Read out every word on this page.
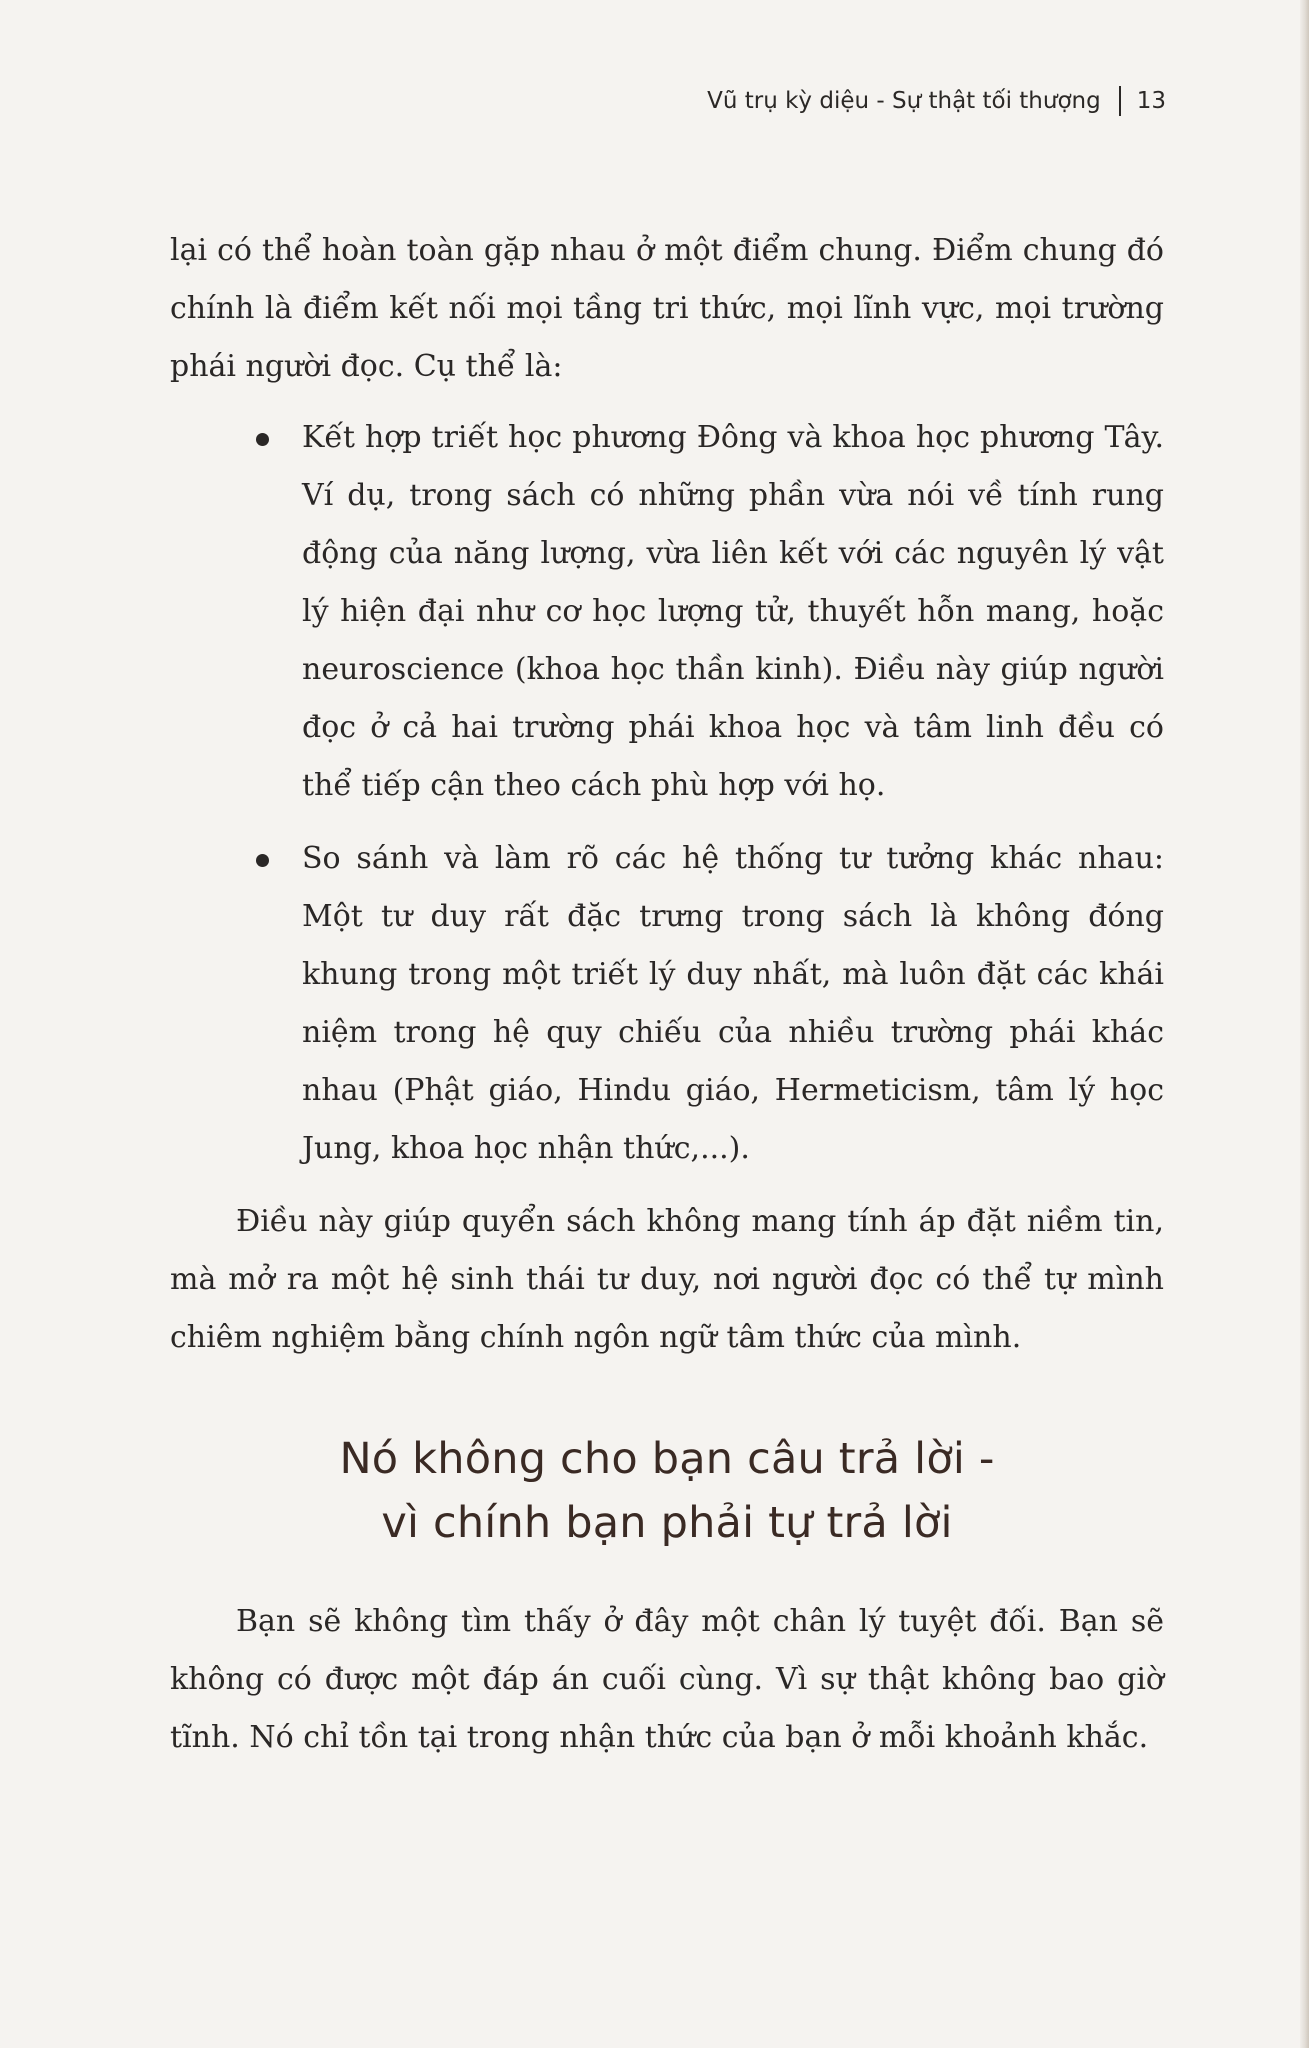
Vũ trụ kỳ diệu - Sự thật tối thượng 13

lại có thể hoàn toàn gặp nhau ở một điểm chung. Điểm chung đó chính là điểm kết nối mọi tầng tri thức, mọi lĩnh vực, mọi trường phái người đọc. Cụ thể là:

Kết hợp triết học phương Đông và khoa học phương Tây. Ví dụ, trong sách có những phần vừa nói về tính rung động của năng lượng, vừa liên kết với các nguyên lý vật lý hiện đại như cơ học lượng tử, thuyết hỗn mang, hoặc neuroscience (khoa học thần kinh). Điều này giúp người đọc ở cả hai trường phái khoa học và tâm linh đều có thể tiếp cận theo cách phù hợp với họ.
So sánh và làm rõ các hệ thống tư tưởng khác nhau: Một tư duy rất đặc trưng trong sách là không đóng khung trong một triết lý duy nhất, mà luôn đặt các khái niệm trong hệ quy chiếu của nhiều trường phái khác nhau (Phật giáo, Hindu giáo, Hermeticism, tâm lý học Jung, khoa học nhận thức,...).

Điều này giúp quyển sách không mang tính áp đặt niềm tin, mà mở ra một hệ sinh thái tư duy, nơi người đọc có thể tự mình chiêm nghiệm bằng chính ngôn ngữ tâm thức của mình.

Nó không cho bạn câu trả lời -
vì chính bạn phải tự trả lời

Bạn sẽ không tìm thấy ở đây một chân lý tuyệt đối. Bạn sẽ không có được một đáp án cuối cùng. Vì sự thật không bao giờ tĩnh. Nó chỉ tồn tại trong nhận thức của bạn ở mỗi khoảnh khắc.
